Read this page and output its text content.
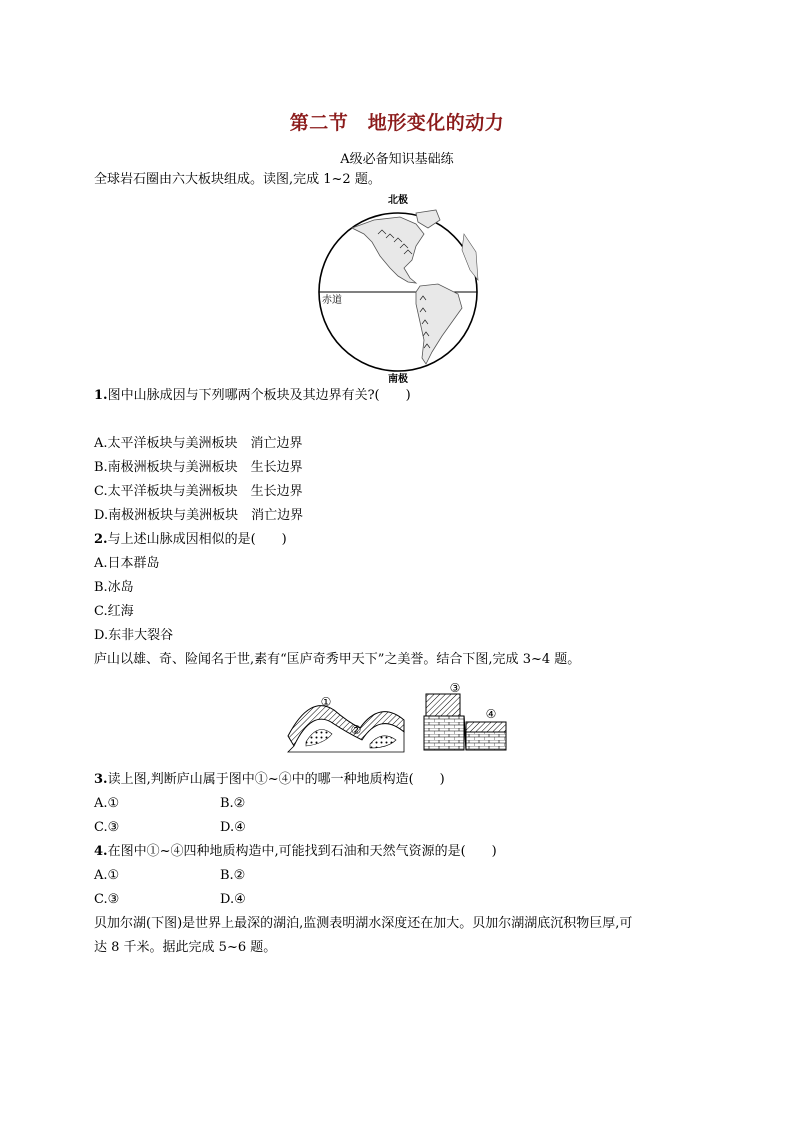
第二节　地形变化的动力
A级必备知识基础练
全球岩石圈由六大板块组成。读图,完成 1~2 题。
北极
赤道
南极
1.图中山脉成因与下列哪两个板块及其边界有关?(　　)
A.太平洋板块与美洲板块　消亡边界
B.南极洲板块与美洲板块　生长边界
C.太平洋板块与美洲板块　生长边界
D.南极洲板块与美洲板块　消亡边界
2.与上述山脉成因相似的是(　　)
A.日本群岛
B.冰岛
C.红海
D.东非大裂谷
庐山以雄、奇、险闻名于世,素有“匡庐奇秀甲天下”之美誉。结合下图,完成 3~4 题。
①
②
③
④
3.读上图,判断庐山属于图中①~④中的哪一种地质构造(　　)
A.①	B.②
C.③	D.④
4.在图中①~④四种地质构造中,可能找到石油和天然气资源的是(　　)
A.①	B.②
C.③	D.④
贝加尔湖(下图)是世界上最深的湖泊,监测表明湖水深度还在加大。贝加尔湖湖底沉积物巨厚,可
达 8 千米。据此完成 5~6 题。
